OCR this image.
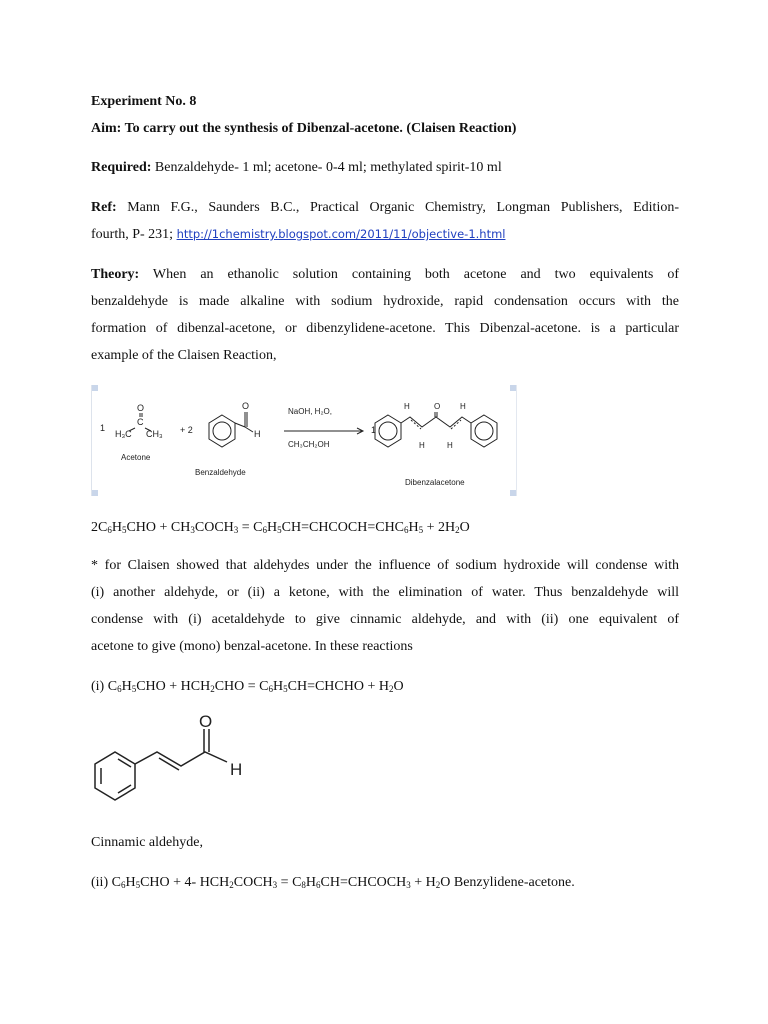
Experiment No. 8

Aim: To carry out the synthesis of Dibenzal-acetone. (Claisen Reaction)

Required: Benzaldehyde- 1 ml; acetone- 0-4 ml; methylated spirit-10 ml

Ref: Mann F.G., Saunders B.C., Practical Organic Chemistry, Longman Publishers, Edition-

fourth, P- 231; http://1chemistry.blogspot.com/2011/11/objective-1.html

Theory: When an ethanolic solution containing both acetone and two equivalents of

benzaldehyde is made alkaline with sodium hydroxide, rapid condensation occurs with the

formation of dibenzal-acetone, or dibenzylidene-acetone. This Dibenzal-acetone. is a particular

example of the Claisen Reaction,

1
O
C
H₃C CH₃
Acetone
+ 2
O
H
Benzaldehyde
NaOH, H₂O,
CH₃CH₂OH
1
H	O H
H	H
Dibenzalacetone

$2C_6H_5CHO$ + $CH_3COCH_3$ = $C_6H_5CH=CHCOCH=CHC_6H_5 + 2H_2O$

* for Claisen showed that aldehydes under the influence of sodium hydroxide will condense with

(i) another aldehyde, or (ii) a ketone, with the elimination of water. Thus benzaldehyde will

condense with (i) acetaldehyde to give cinnamic aldehyde, and with (ii) one equivalent of

acetone to give (mono) benzal-acetone. In these reactions

(i) $C_6H_5CHO + HCH_2CHO$ = $C_6H_5CH=CHCHO + H_2O$

O
H

Cinnamic aldehyde,

(ii) $C_6H_5CHO + 4-$ $HCH_2COCH_3$ = $C_8H_6CH=CHCOCH_3 + H_2O$ Benzylidene-acetone.
